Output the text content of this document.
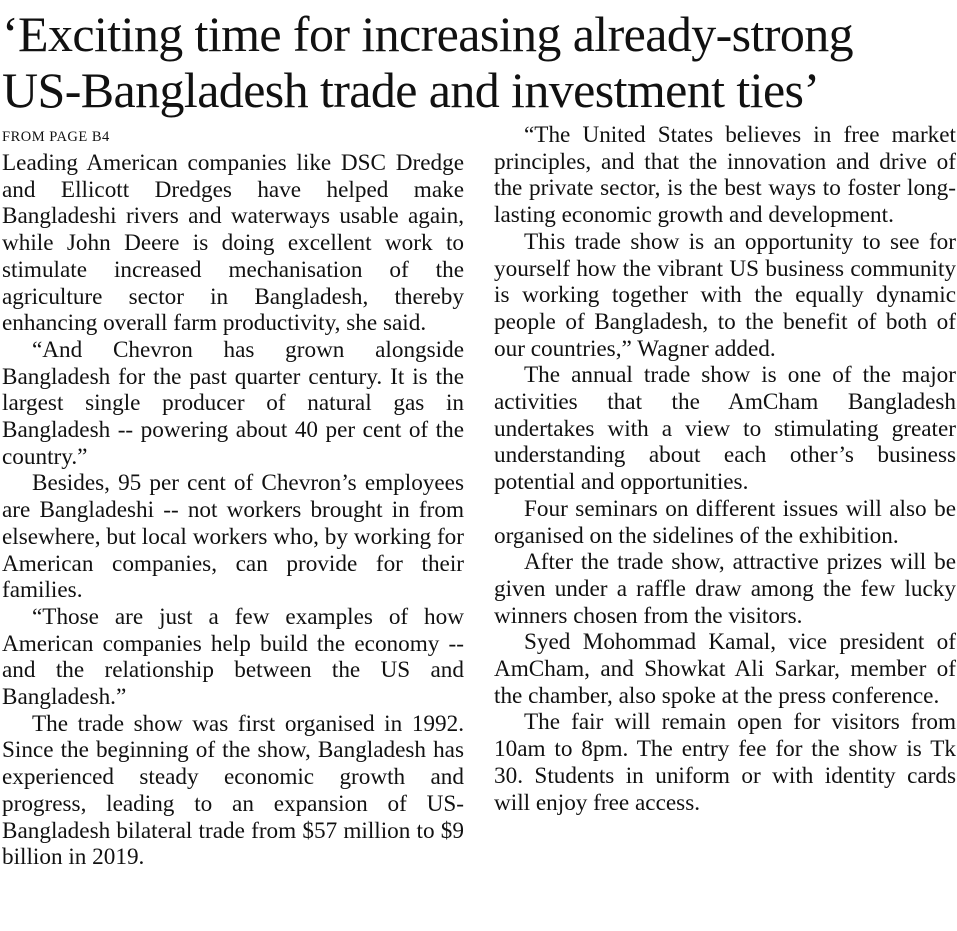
‘Exciting time for increasing already-strong
US-Bangladesh trade and investment ties’
FROM PAGE B4

Leading American companies like DSC Dredge and Ellicott Dredges have helped make Bangladeshi rivers and waterways usable again, while John Deere is doing excellent work to stimulate increased mechanisation of the agriculture sector in Bangladesh, thereby enhancing overall farm productivity, she said.

“And Chevron has grown alongside Bangladesh for the past quarter century. It is the largest single producer of natural gas in Bangladesh -- powering about 40 per cent of the country.”

Besides, 95 per cent of Chevron’s employees are Bangladeshi -- not workers brought in from elsewhere, but local workers who, by working for American companies, can provide for their families.

“Those are just a few examples of how American companies help build the economy -- and the relationship between the US and Bangladesh.”

The trade show was first organised in 1992. Since the beginning of the show, Bangladesh has experienced steady economic growth and progress, leading to an expansion of US-Bangladesh bilateral trade from $57 million to $9 billion in 2019.

“The United States believes in free market principles, and that the innovation and drive of the private sector, is the best ways to foster long-lasting economic growth and development.

This trade show is an opportunity to see for yourself how the vibrant US business community is working together with the equally dynamic people of Bangladesh, to the benefit of both of our countries,” Wagner added.

The annual trade show is one of the major activities that the AmCham Bangladesh undertakes with a view to stimulating greater understanding about each other’s business potential and opportunities.

Four seminars on different issues will also be organised on the sidelines of the exhibition.

After the trade show, attractive prizes will be given under a raffle draw among the few lucky winners chosen from the visitors.

Syed Mohommad Kamal, vice president of AmCham, and Showkat Ali Sarkar, member of the chamber, also spoke at the press conference.

The fair will remain open for visitors from 10am to 8pm. The entry fee for the show is Tk 30. Students in uniform or with identity cards will enjoy free access.
